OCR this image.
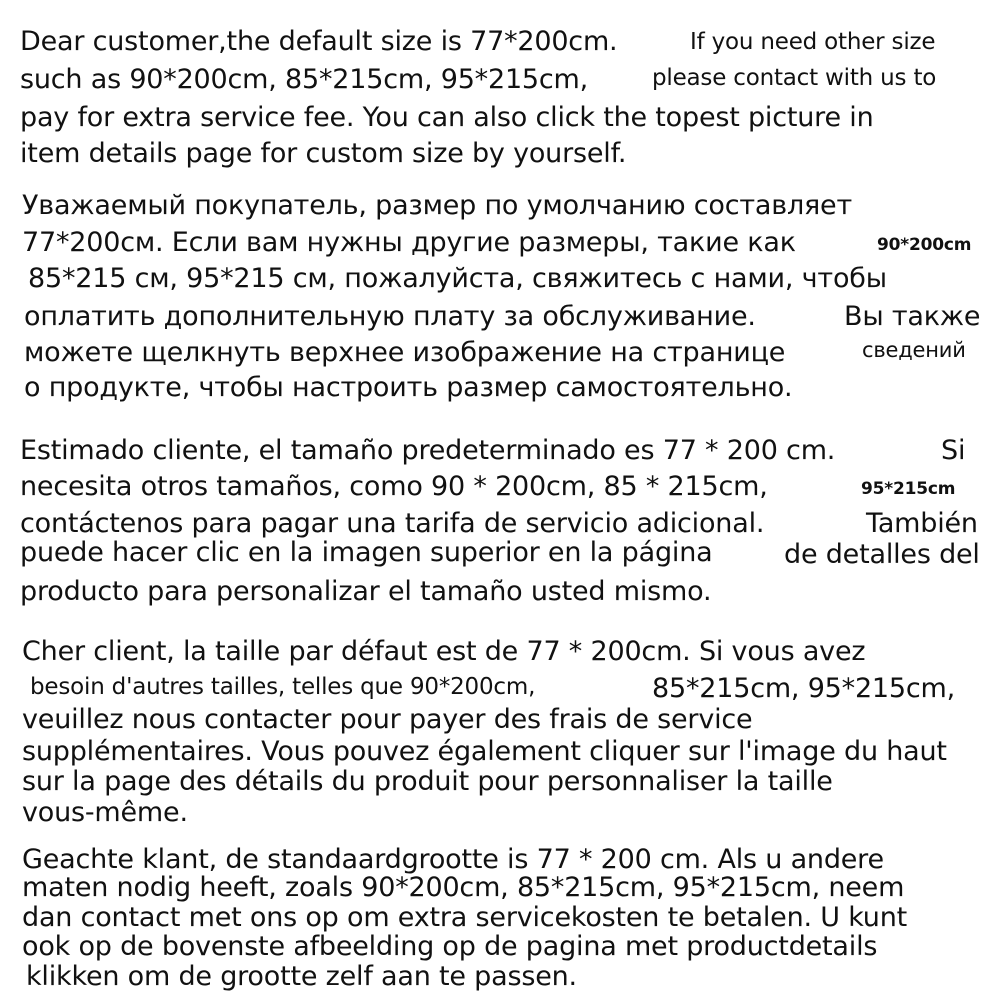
Dear customer,the default size is 77*200cm.	If you need other size
such as 90*200cm, 85*215cm, 95*215cm,	please contact with us to
pay for extra service fee. You can also click the topest picture in
item details page for custom size by yourself.
Уважаемый покупатель, размер по умолчанию составляет
77*200см. Если вам нужны другие размеры, такие как	90*200cm
85*215 см, 95*215 см, пожалуйста, свяжитесь с нами, чтобы
оплатить дополнительную плату за обслуживание.	Вы также
можете щелкнуть верхнее изображение на странице	сведений
о продукте, чтобы настроить размер самостоятельно.
Estimado cliente, el tamaño predeterminado es 77 * 200 cm.	Si
necesita otros tamaños, como 90 * 200cm, 85 * 215cm,	95*215cm
contáctenos para pagar una tarifa de servicio adicional.	También
puede hacer clic en la imagen superior en la página	de detalles del
producto para personalizar el tamaño usted mismo.
Cher client, la taille par défaut est de 77 * 200cm. Si vous avez
besoin d'autres tailles, telles que 90*200cm,	85*215cm, 95*215cm,
veuillez nous contacter pour payer des frais de service
supplémentaires. Vous pouvez également cliquer sur l'image du haut
sur la page des détails du produit pour personnaliser la taille
vous-même.
Geachte klant, de standaardgrootte is 77 * 200 cm. Als u andere
maten nodig heeft, zoals 90*200cm, 85*215cm, 95*215cm, neem
dan contact met ons op om extra servicekosten te betalen. U kunt
ook op de bovenste afbeelding op de pagina met productdetails
klikken om de grootte zelf aan te passen.
